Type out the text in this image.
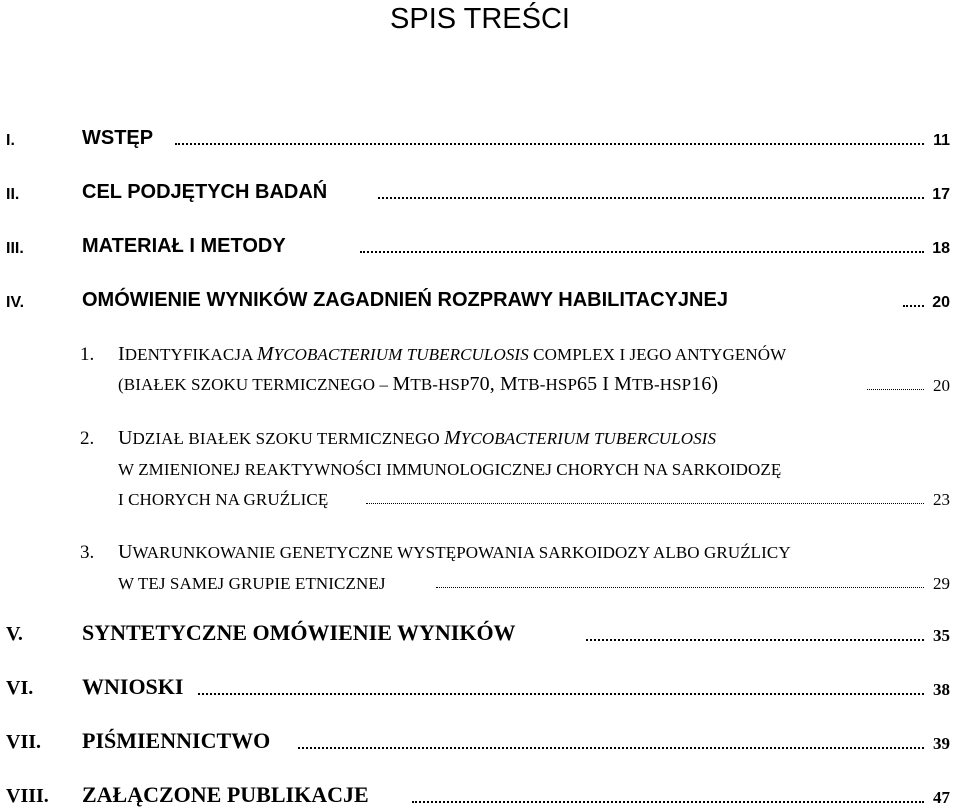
SPIS TREŚCI
I.	WSTĘP	11
II.	CEL PODJĘTYCH BADAŃ	17
III.	MATERIAŁ I METODY	18
IV.	OMÓWIENIE WYNIKÓW ZAGADNIEŃ ROZPRAWY HABILITACYJNEJ	20
1. IDENTYFIKACJA MYCOBACTERIUM TUBERCULOSIS COMPLEX I JEGO ANTYGENÓW
(BIAŁEK SZOKU TERMICZNEGO – MTB-HSP70, MTB-HSP65 I MTB-HSP16)	20
2. UDZIAŁ BIAŁEK SZOKU TERMICZNEGO MYCOBACTERIUM TUBERCULOSIS
W ZMIENIONEJ REAKTYWNOŚCI IMMUNOLOGICZNEJ CHORYCH NA SARKOIDOZĘ
I CHORYCH NA GRUŹLICĘ	23
3. UWARUNKOWANIE GENETYCZNE WYSTĘPOWANIA SARKOIDOZY ALBO GRUŹLICY
W TEJ SAMEJ GRUPIE ETNICZNEJ	29
V.	SYNTETYCZNE OMÓWIENIE WYNIKÓW	35
VI. WNIOSKI	38
VII. PIŚMIENNICTWO	39
VIII. ZAŁĄCZONE PUBLIKACJE	47
